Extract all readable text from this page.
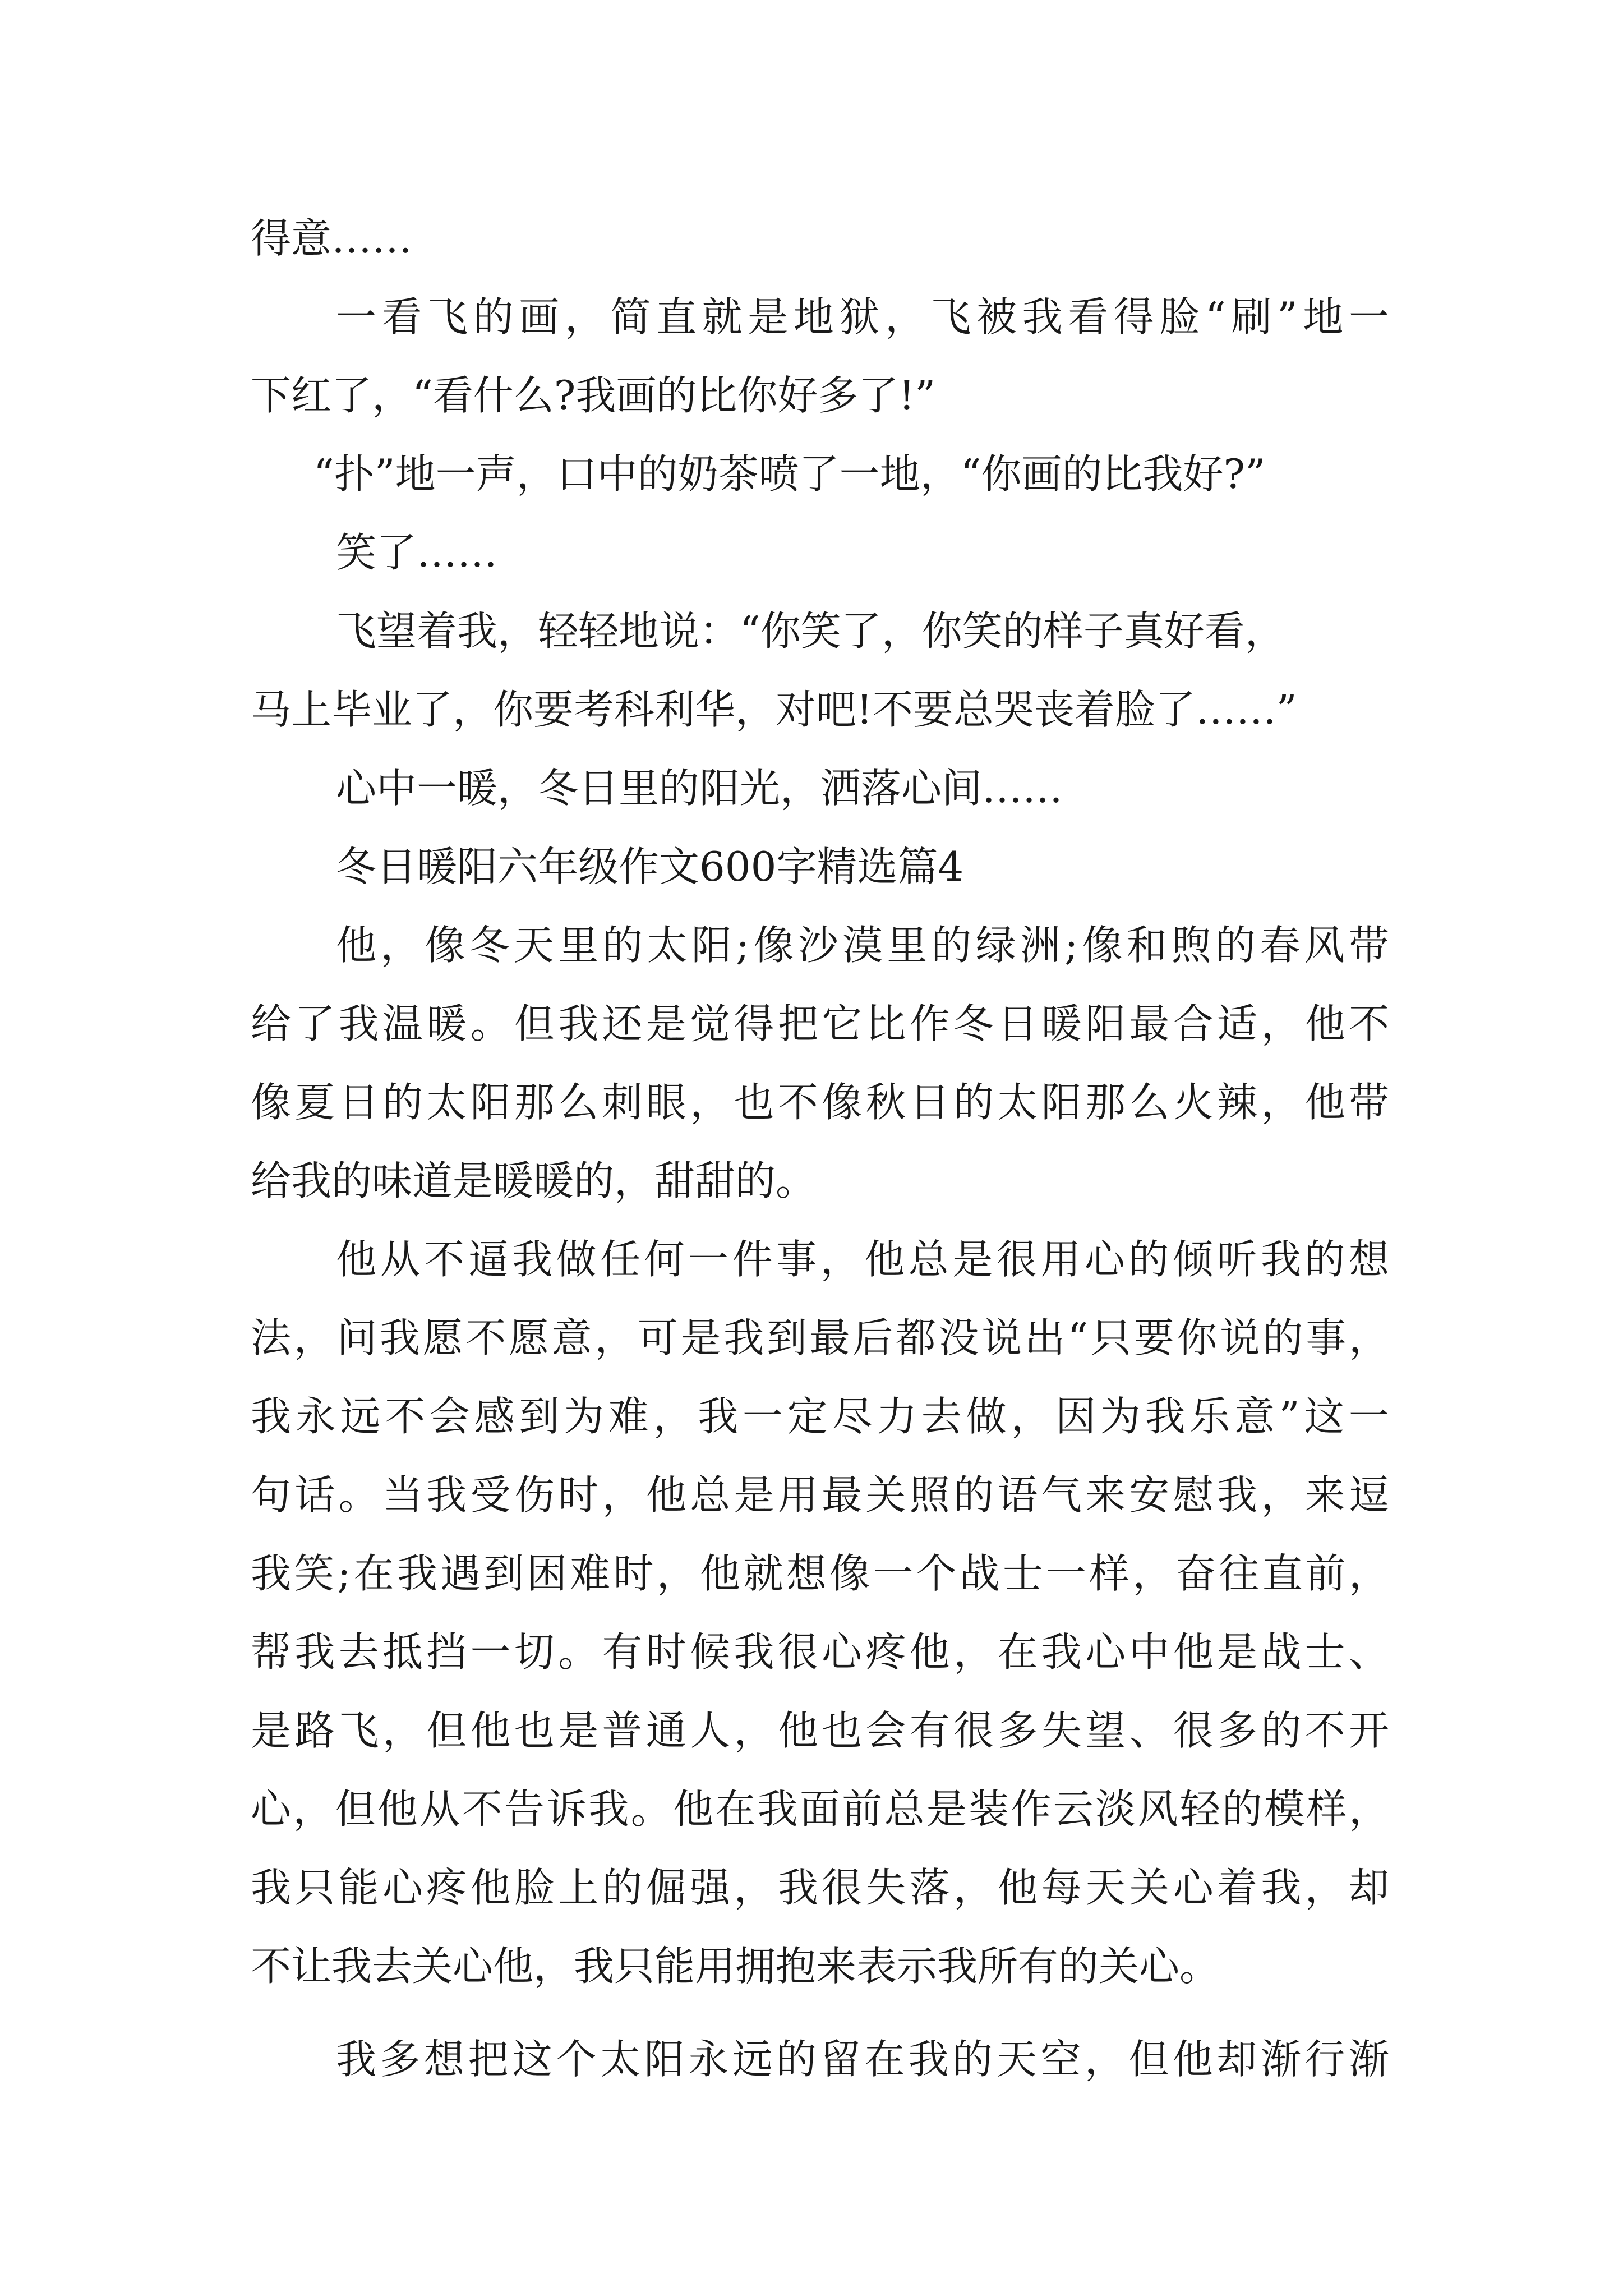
得意……
一看飞的画，简直就是地狱，飞被我看得脸“刷”地一
下红了，“看什么?我画的比你好多了!”
“扑”地一声，口中的奶茶喷了一地，“你画的比我好?”
笑了……
飞望着我，轻轻地说：“你笑了，你笑的样子真好看，
马上毕业了，你要考科利华，对吧!不要总哭丧着脸了……”
心中一暖，冬日里的阳光，洒落心间……
冬日暖阳六年级作文600字精选篇4
他，像冬天里的太阳;像沙漠里的绿洲;像和煦的春风带
给了我温暖。但我还是觉得把它比作冬日暖阳最合适，他不
像夏日的太阳那么刺眼，也不像秋日的太阳那么火辣，他带
给我的味道是暖暖的，甜甜的。
他从不逼我做任何一件事，他总是很用心的倾听我的想
法，问我愿不愿意，可是我到最后都没说出“只要你说的事，
我永远不会感到为难，我一定尽力去做，因为我乐意”这一
句话。当我受伤时，他总是用最关照的语气来安慰我，来逗
我笑;在我遇到困难时，他就想像一个战士一样，奋往直前，
帮我去抵挡一切。有时候我很心疼他，在我心中他是战士、
是路飞，但他也是普通人，他也会有很多失望、很多的不开
心，但他从不告诉我。他在我面前总是装作云淡风轻的模样，
我只能心疼他脸上的倔强，我很失落，他每天关心着我，却
不让我去关心他，我只能用拥抱来表示我所有的关心。
我多想把这个太阳永远的留在我的天空，但他却渐行渐
